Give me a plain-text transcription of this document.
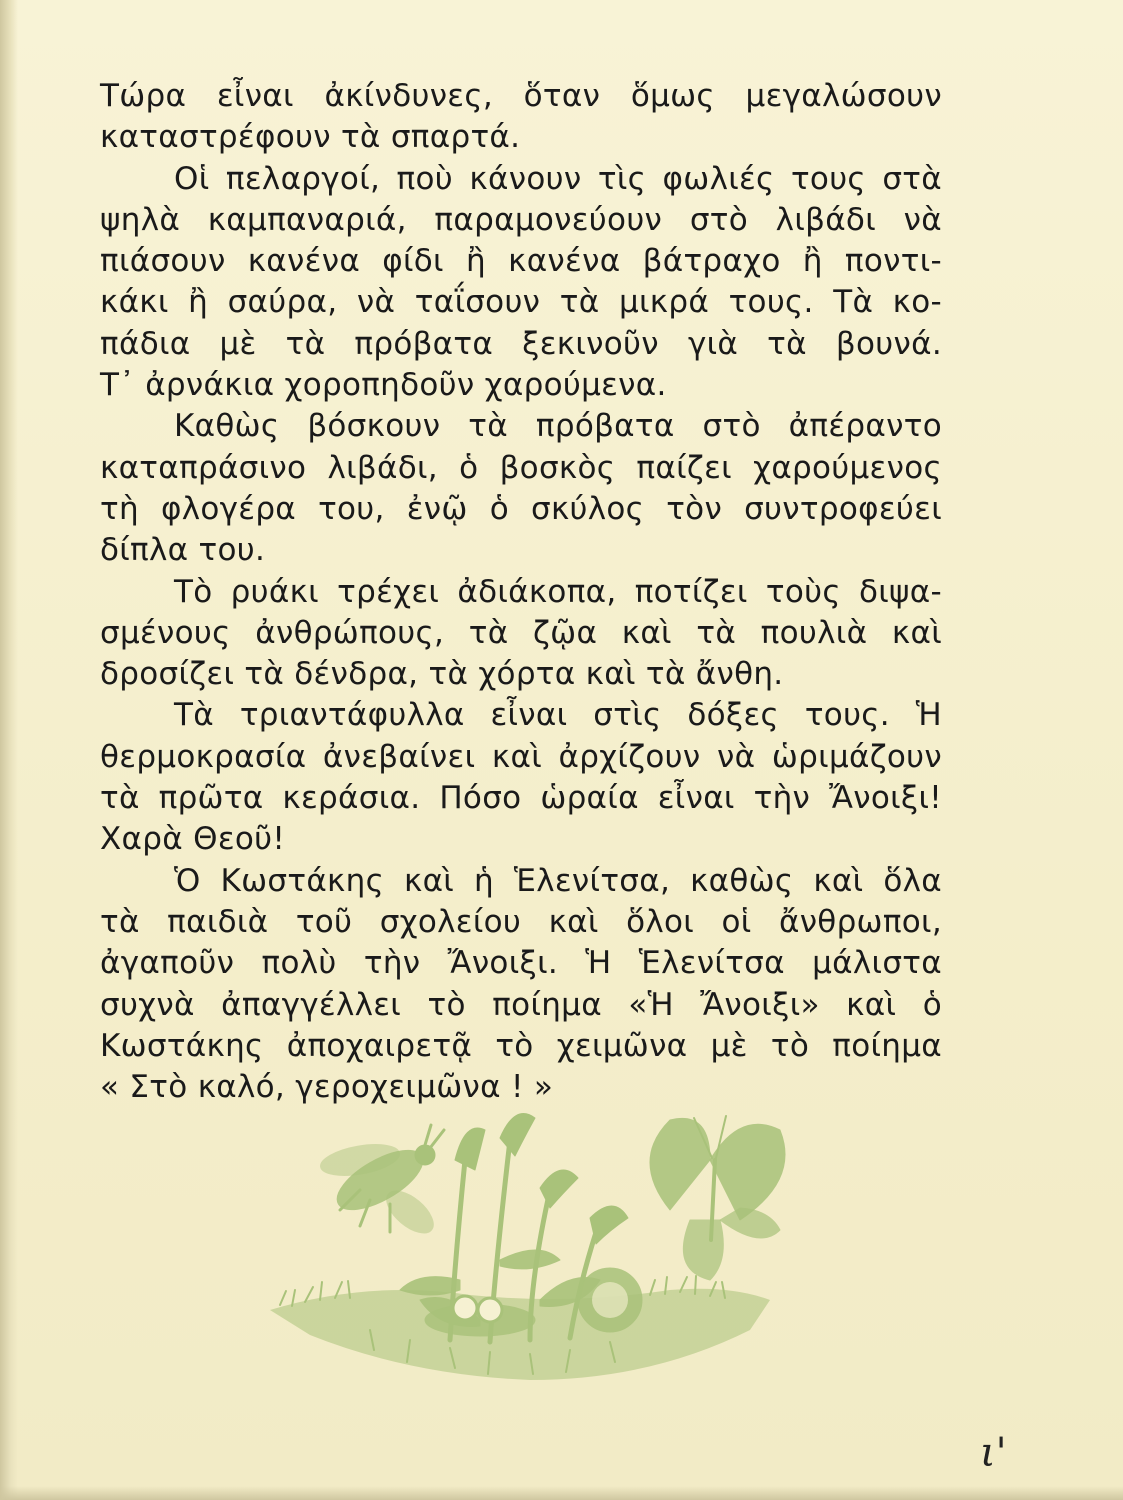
Τώρα εἶναι ἀκίνδυνες, ὅταν ὅμως μεγαλώσουν
καταστρέφουν τὰ σπαρτά.
Οἱ πελαργοί, ποὺ κάνουν τὶς φωλιές τους στὰ
ψηλὰ καμπαναριά, παραμονεύουν στὸ λιβάδι νὰ
πιάσουν κανένα φίδι ἢ κανένα βάτραχο ἢ ποντι-
κάκι ἢ σαύρα, νὰ ταΐσουν τὰ μικρά τους. Τὰ κο-
πάδια μὲ τὰ πρόβατα ξεκινοῦν γιὰ τὰ βουνά.
Τ᾿ ἀρνάκια χοροπηδοῦν χαρούμενα.
Καθὼς βόσκουν τὰ πρόβατα στὸ ἀπέραντο
καταπράσινο λιβάδι, ὁ βοσκὸς παίζει χαρούμενος
τὴ φλογέρα του, ἐνῷ ὁ σκύλος τὸν συντροφεύει
δίπλα του.
Τὸ ρυάκι τρέχει ἀδιάκοπα, ποτίζει τοὺς διψα-
σμένους ἀνθρώπους, τὰ ζῷα καὶ τὰ πουλιὰ καὶ
δροσίζει τὰ δένδρα, τὰ χόρτα καὶ τὰ ἄνθη.
Τὰ τριαντάφυλλα εἶναι στὶς δόξες τους. Ἡ
θερμοκρασία ἀνεβαίνει καὶ ἀρχίζουν νὰ ὡριμάζουν
τὰ πρῶτα κεράσια. Πόσο ὡραία εἶναι τὴν Ἄνοιξι!
Χαρὰ Θεοῦ!
Ὁ Κωστάκης καὶ ἡ Ἑλενίτσα, καθὼς καὶ ὅλα
τὰ παιδιὰ τοῦ σχολείου καὶ ὅλοι οἱ ἄνθρωποι,
ἀγαποῦν πολὺ τὴν Ἄνοιξι. Ἡ Ἑλενίτσα μάλιστα
συχνὰ ἀπαγγέλλει τὸ ποίημα «Ἡ Ἄνοιξι» καὶ ὁ
Κωστάκης ἀποχαιρετᾷ τὸ χειμῶνα μὲ τὸ ποίημα
« Στὸ καλό, γεροχειμῶνα ! »
ι'
